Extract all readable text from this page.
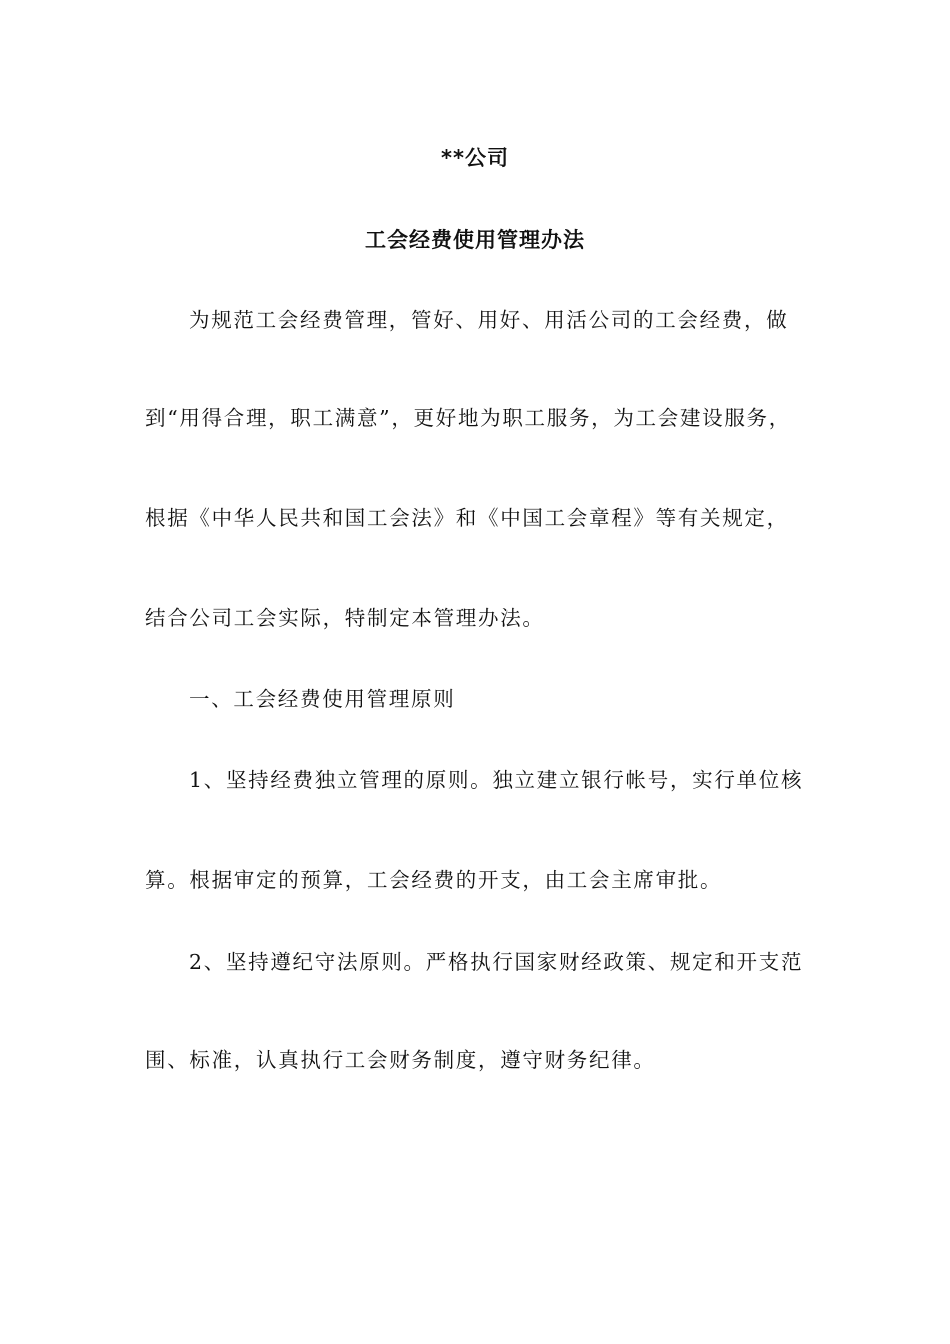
**公司
工会经费使用管理办法

为规范工会经费管理，管好、用好、用活公司的工会经费，做

到“用得合理，职工满意”，更好地为职工服务，为工会建设服务，

根据《中华人民共和国工会法》和《中国工会章程》等有关规定，

结合公司工会实际，特制定本管理办法。

一、工会经费使用管理原则

1、坚持经费独立管理的原则。独立建立银行帐号，实行单位核

算。根据审定的预算，工会经费的开支，由工会主席审批。

2、坚持遵纪守法原则。严格执行国家财经政策、规定和开支范

围、标准，认真执行工会财务制度，遵守财务纪律。
